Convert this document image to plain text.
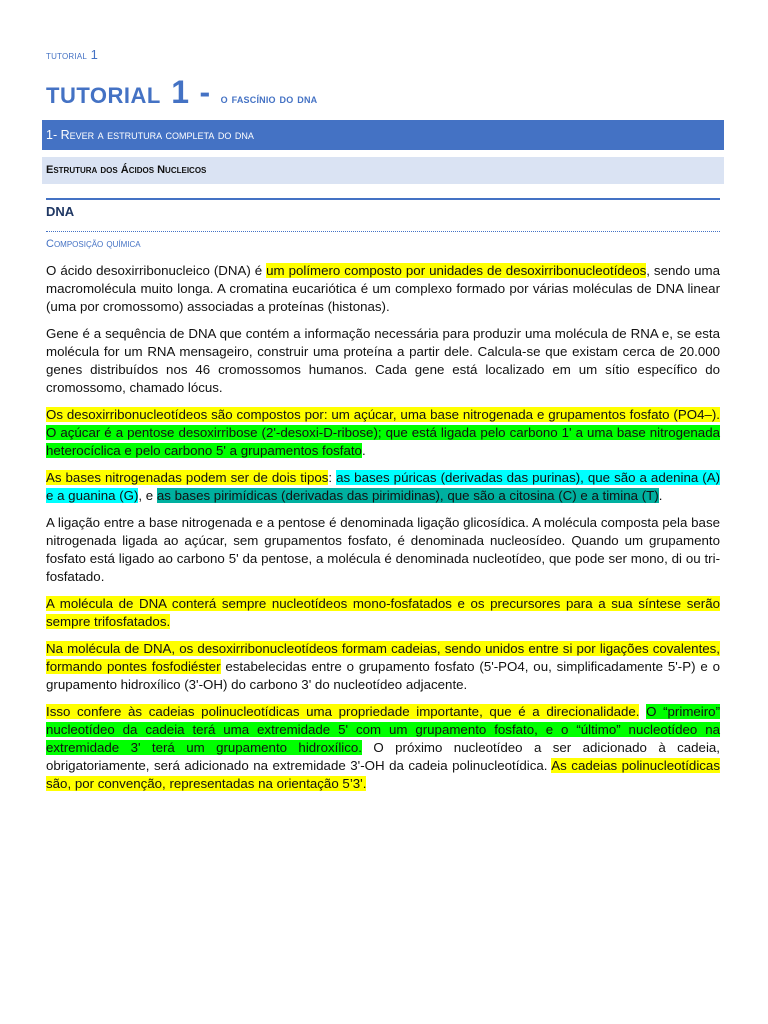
tutorial 1
TUTORIAL 1 - o fascínio do dna
1- Rever a estrutura completa do dna
Estrutura dos Ácidos Nucleicos
DNA
Composição química

O ácido desoxirribonucleico (DNA) é um polímero composto por unidades de desoxirribonucleotídeos, sendo uma macromolécula muito longa. A cromatina eucariótica é um complexo formado por várias moléculas de DNA linear (uma por cromossomo) associadas a proteínas (histonas).

Gene é a sequência de DNA que contém a informação necessária para produzir uma molécula de RNA e, se esta molécula for um RNA mensageiro, construir uma proteína a partir dele. Calcula-se que existam cerca de 20.000 genes distribuídos nos 46 cromossomos humanos. Cada gene está localizado em um sítio específico do cromossomo, chamado lócus.

Os desoxirribonucleotídeos são compostos por: um açúcar, uma base nitrogenada e grupamentos fosfato (PO4–). O açúcar é a pentose desoxirribose (2'-desoxi-D-ribose); que está ligada pelo carbono 1' a uma base nitrogenada heterocíclica e pelo carbono 5' a grupamentos fosfato.

As bases nitrogenadas podem ser de dois tipos: as bases púricas (derivadas das purinas), que são a adenina (A) e a guanina (G), e as bases pirimídicas (derivadas das pirimidinas), que são a citosina (C) e a timina (T).

A ligação entre a base nitrogenada e a pentose é denominada ligação glicosídica. A molécula composta pela base nitrogenada ligada ao açúcar, sem grupamentos fosfato, é denominada nucleosídeo. Quando um grupamento fosfato está ligado ao carbono 5' da pentose, a molécula é denominada nucleotídeo, que pode ser mono, di ou tri-fosfatado.

A molécula de DNA conterá sempre nucleotídeos mono-fosfatados e os precursores para a sua síntese serão sempre trifosfatados.

Na molécula de DNA, os desoxirribonucleotídeos formam cadeias, sendo unidos entre si por ligações covalentes, formando pontes fosfodiéster estabelecidas entre o grupamento fosfato (5'-PO4, ou, simplificadamente 5'-P) e o grupamento hidroxílico (3'-OH) do carbono 3' do nucleotídeo adjacente.

Isso confere às cadeias polinucleotídicas uma propriedade importante, que é a direcionalidade. O “primeiro” nucleotídeo da cadeia terá uma extremidade 5' com um grupamento fosfato, e o “último” nucleotídeo na extremidade 3' terá um grupamento hidroxílico. O próximo nucleotídeo a ser adicionado à cadeia, obrigatoriamente, será adicionado na extremidade 3'-OH da cadeia polinucleotídica. As cadeias polinucleotídicas são, por convenção, representadas na orientação 5’3'.
